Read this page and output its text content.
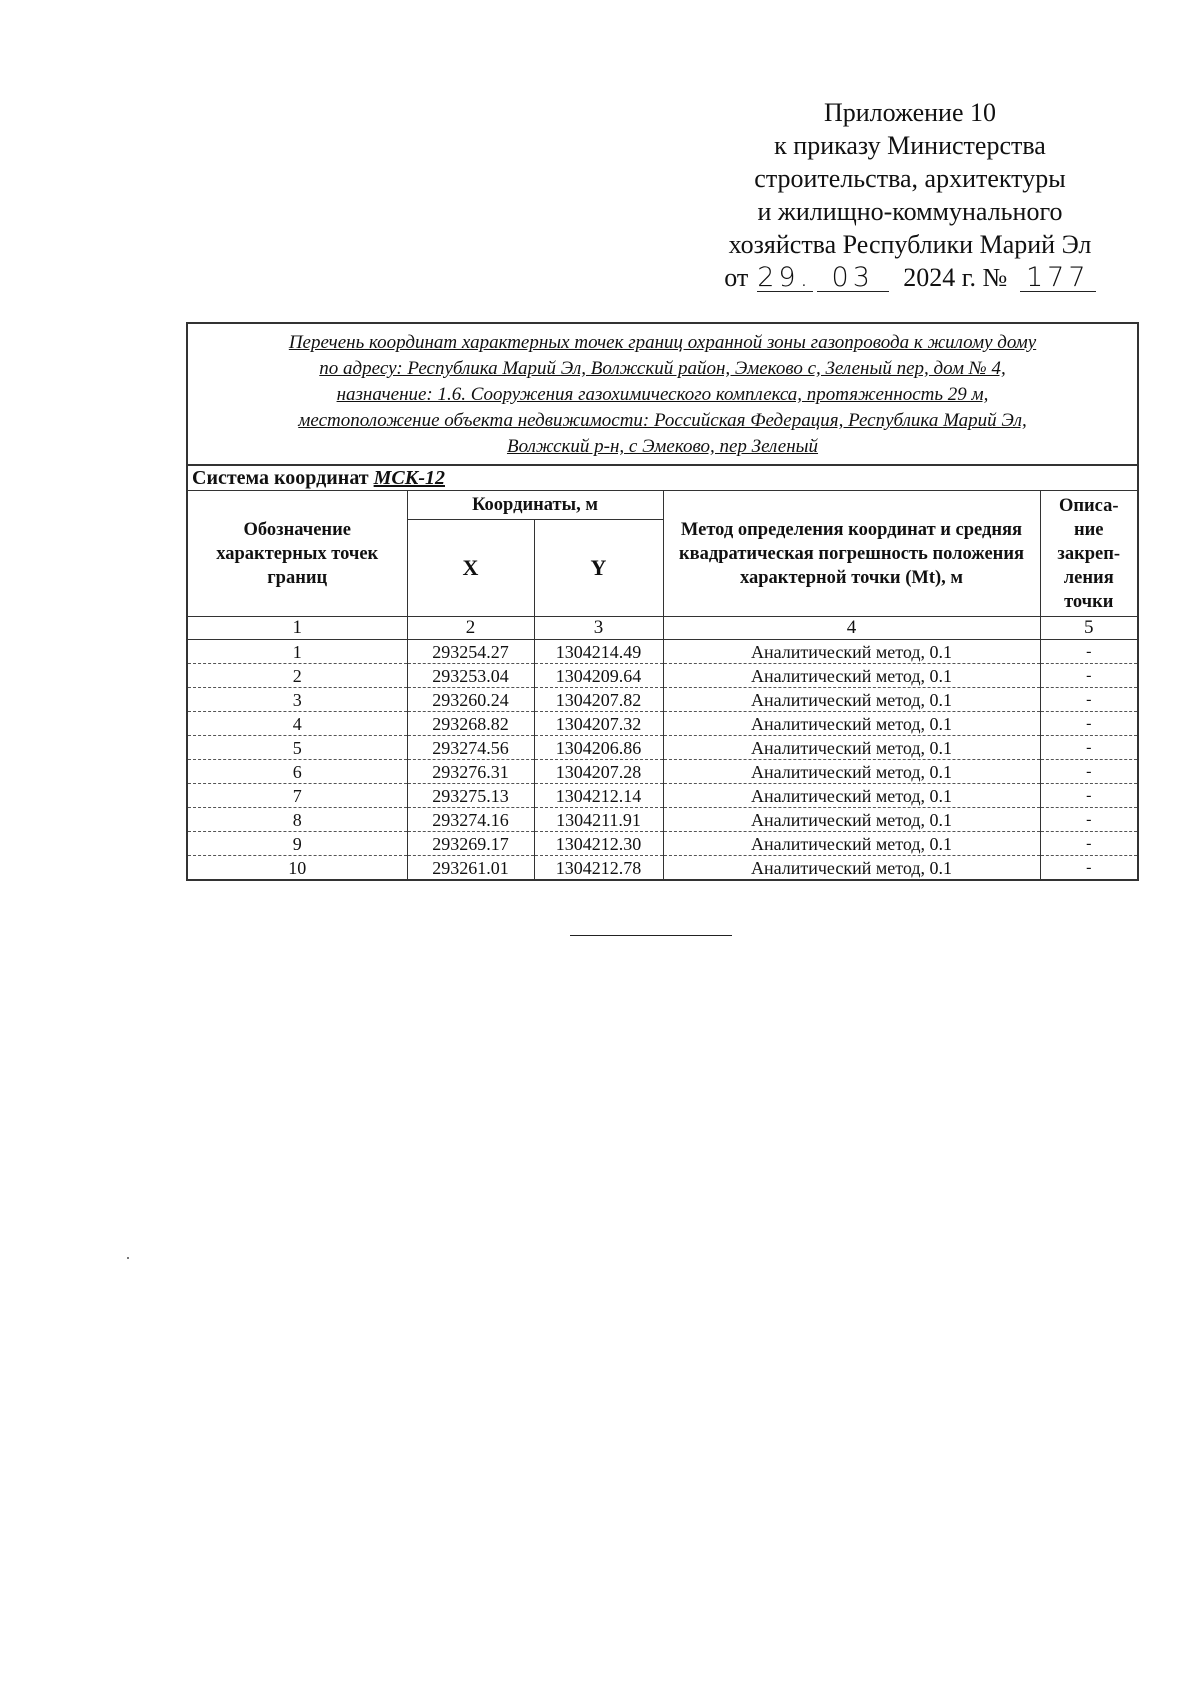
Приложение 10
к приказу Министерства
строительства, архитектуры
и жилищно-коммунального
хозяйства Республики Марий Эл
от 29. 03 2024 г. № 177
Перечень координат характерных точек границ охранной зоны газопровода к жилому дому
по адресу: Республика Марий Эл, Волжский район, Эмеково с, Зеленый пер, дом № 4,
назначение: 1.6. Сооружения газохимического комплекса, протяженность 29 м,
местоположение объекта недвижимости: Российская Федерация, Республика Марий Эл,
Волжский р-н, с Эмеково, пер Зеленый				

Система координат МСК-12				
Обозначение характерных точек границ	Координаты, м		Метод определения координат и средняя квадратическая погрешность положения характерной точки (Mt), м	Описа-
ние
закреп-
ления
точки

	X	Y		
1	2	3	4	5
1	293254.27	1304214.49	Аналитический метод, 0.1	-
2	293253.04	1304209.64	Аналитический метод, 0.1	-
3	293260.24	1304207.82	Аналитический метод, 0.1	-
4	293268.82	1304207.32	Аналитический метод, 0.1	-
5	293274.56	1304206.86	Аналитический метод, 0.1	-
6	293276.31	1304207.28	Аналитический метод, 0.1	-
7	293275.13	1304212.14	Аналитический метод, 0.1	-
8	293274.16	1304211.91	Аналитический метод, 0.1	-
9	293269.17	1304212.30	Аналитический метод, 0.1	-
10	293261.01	1304212.78	Аналитический метод, 0.1	-
